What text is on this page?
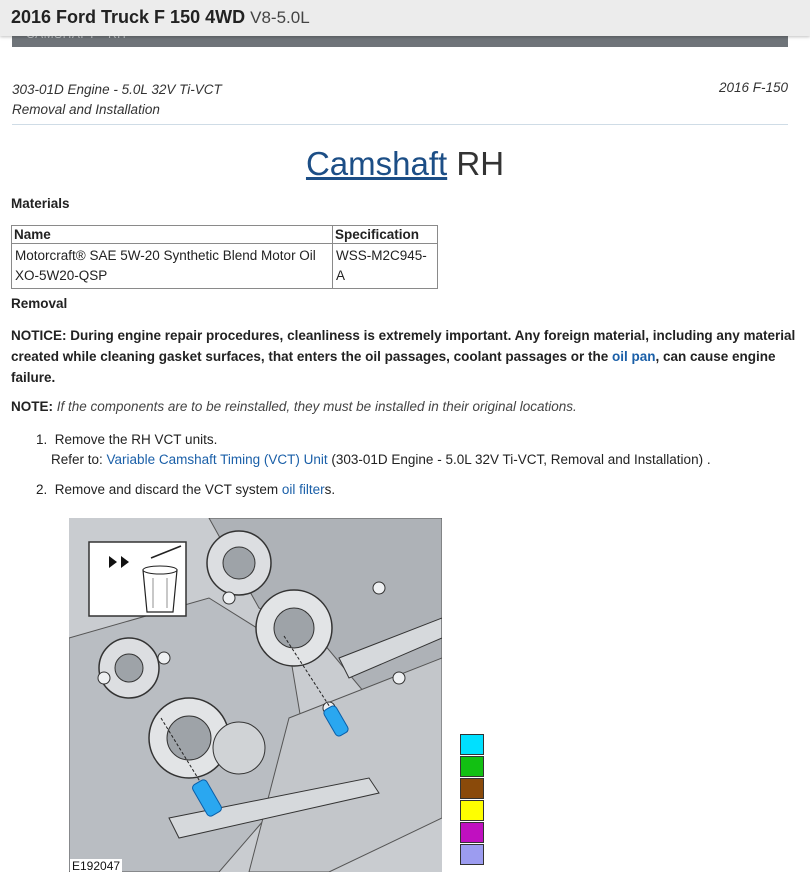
2016 Ford Truck F 150 4WD V8-5.0L
303-01D Engine - 5.0L 32V Ti-VCT
Removal and Installation
2016 F-150
Camshaft RH
Materials
Name	Specification

Motorcraft® SAE 5W-20 Synthetic Blend Motor Oil
XO-5W20-QSP	WSS-M2C945-A
Removal
NOTICE: During engine repair procedures, cleanliness is extremely important. Any foreign material, including any material created while cleaning gasket surfaces, that enters the oil passages, coolant passages or the oil pan, can cause engine failure.
NOTE: If the components are to be reinstalled, they must be installed in their original locations.
1. Remove the RH VCT units.
Refer to: Variable Camshaft Timing (VCT) Unit (303-01D Engine - 5.0L 32V Ti-VCT, Removal and Installation) .
2. Remove and discard the VCT system oil filters.
E192047
